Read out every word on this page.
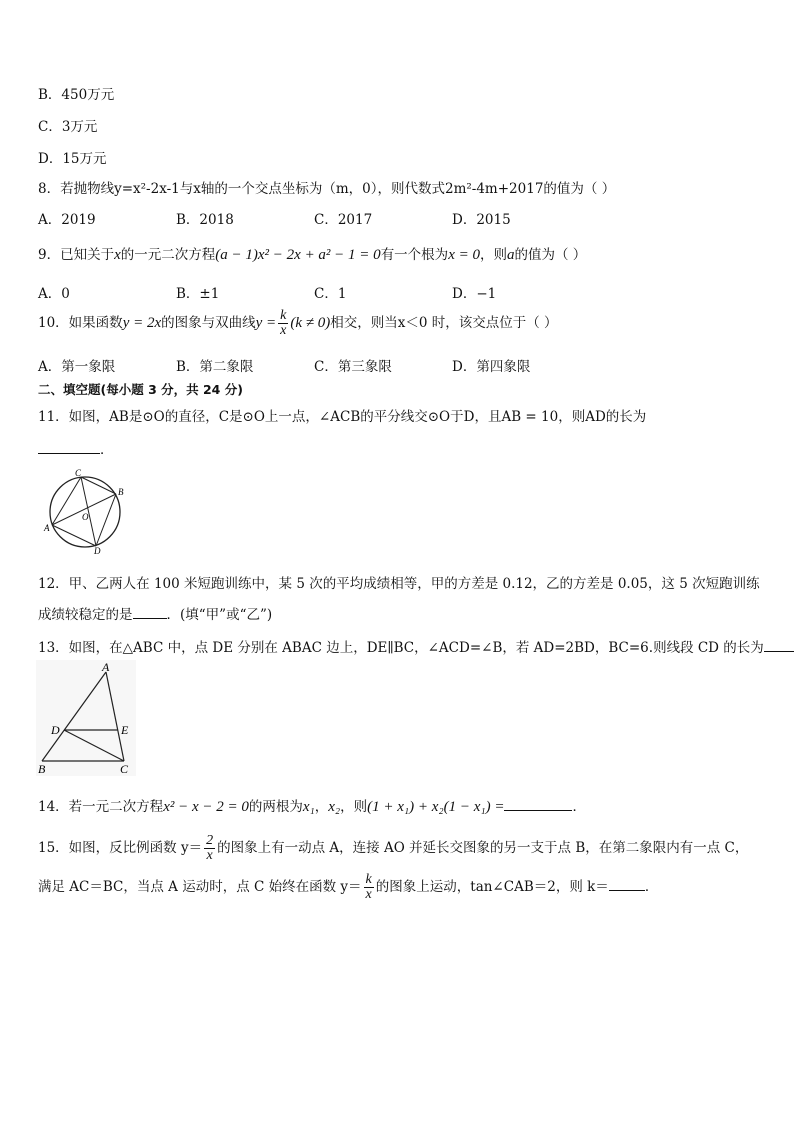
B．450万元
C．3万元
D．15万元
8．若抛物线y=x²-2x-1与x轴的一个交点坐标为（m，0），则代数式2m²-4m+2017的值为（ ）
A．2019	B．2018	C．2017	D．2015
9．已知关于x的一元二次方程(a − 1)x² − 2x + a² − 1 = 0有一个根为x = 0，则a的值为（ ）
A．0	B．±1	C．1	D．−1
10．如果函数y = 2x的图象与双曲线$y = \frac{k}{x} (k \ne 0)$相交，则当x＜0 时，该交点位于（ ）
A．第一象限	B．第二象限	C．第三象限	D．第四象限
二、填空题(每小题 3 分，共 24 分)
11．如图，AB是⊙O的直径，C是⊙O上一点，∠ACB的平分线交⊙O于D，且AB = 10，则AD的长为
．
C
B
A
O
D
12．甲、乙两人在 100 米短跑训练中，某 5 次的平均成绩相等，甲的方差是 0.12，乙的方差是 0.05，这 5 次短跑训练
成绩较稳定的是	．(填“甲”或“乙”)
13．如图，在△ABC 中，点 DE 分别在 ABAC 边上，DE∥BC，∠ACD=∠B，若 AD=2BD，BC=6.则线段 CD 的长为
A
D	E
B	C
14．若一元二次方程x² − x − 2 = 0的两根为x₁，x₂，则(1 + x₁) + x₂(1 − x₁) =	．
15．如图，反比例函数 $y= \frac{2}{x}$ 的图象上有一动点 A，连接 AO 并延长交图象的另一支于点 B，在第二象限内有一点 C，
满足 AC＝BC，当点 A 运动时，点 C 始终在函数 $y= \frac{k}{x}$ 的图象上运动，tan∠CAB＝2，则 k＝	．
